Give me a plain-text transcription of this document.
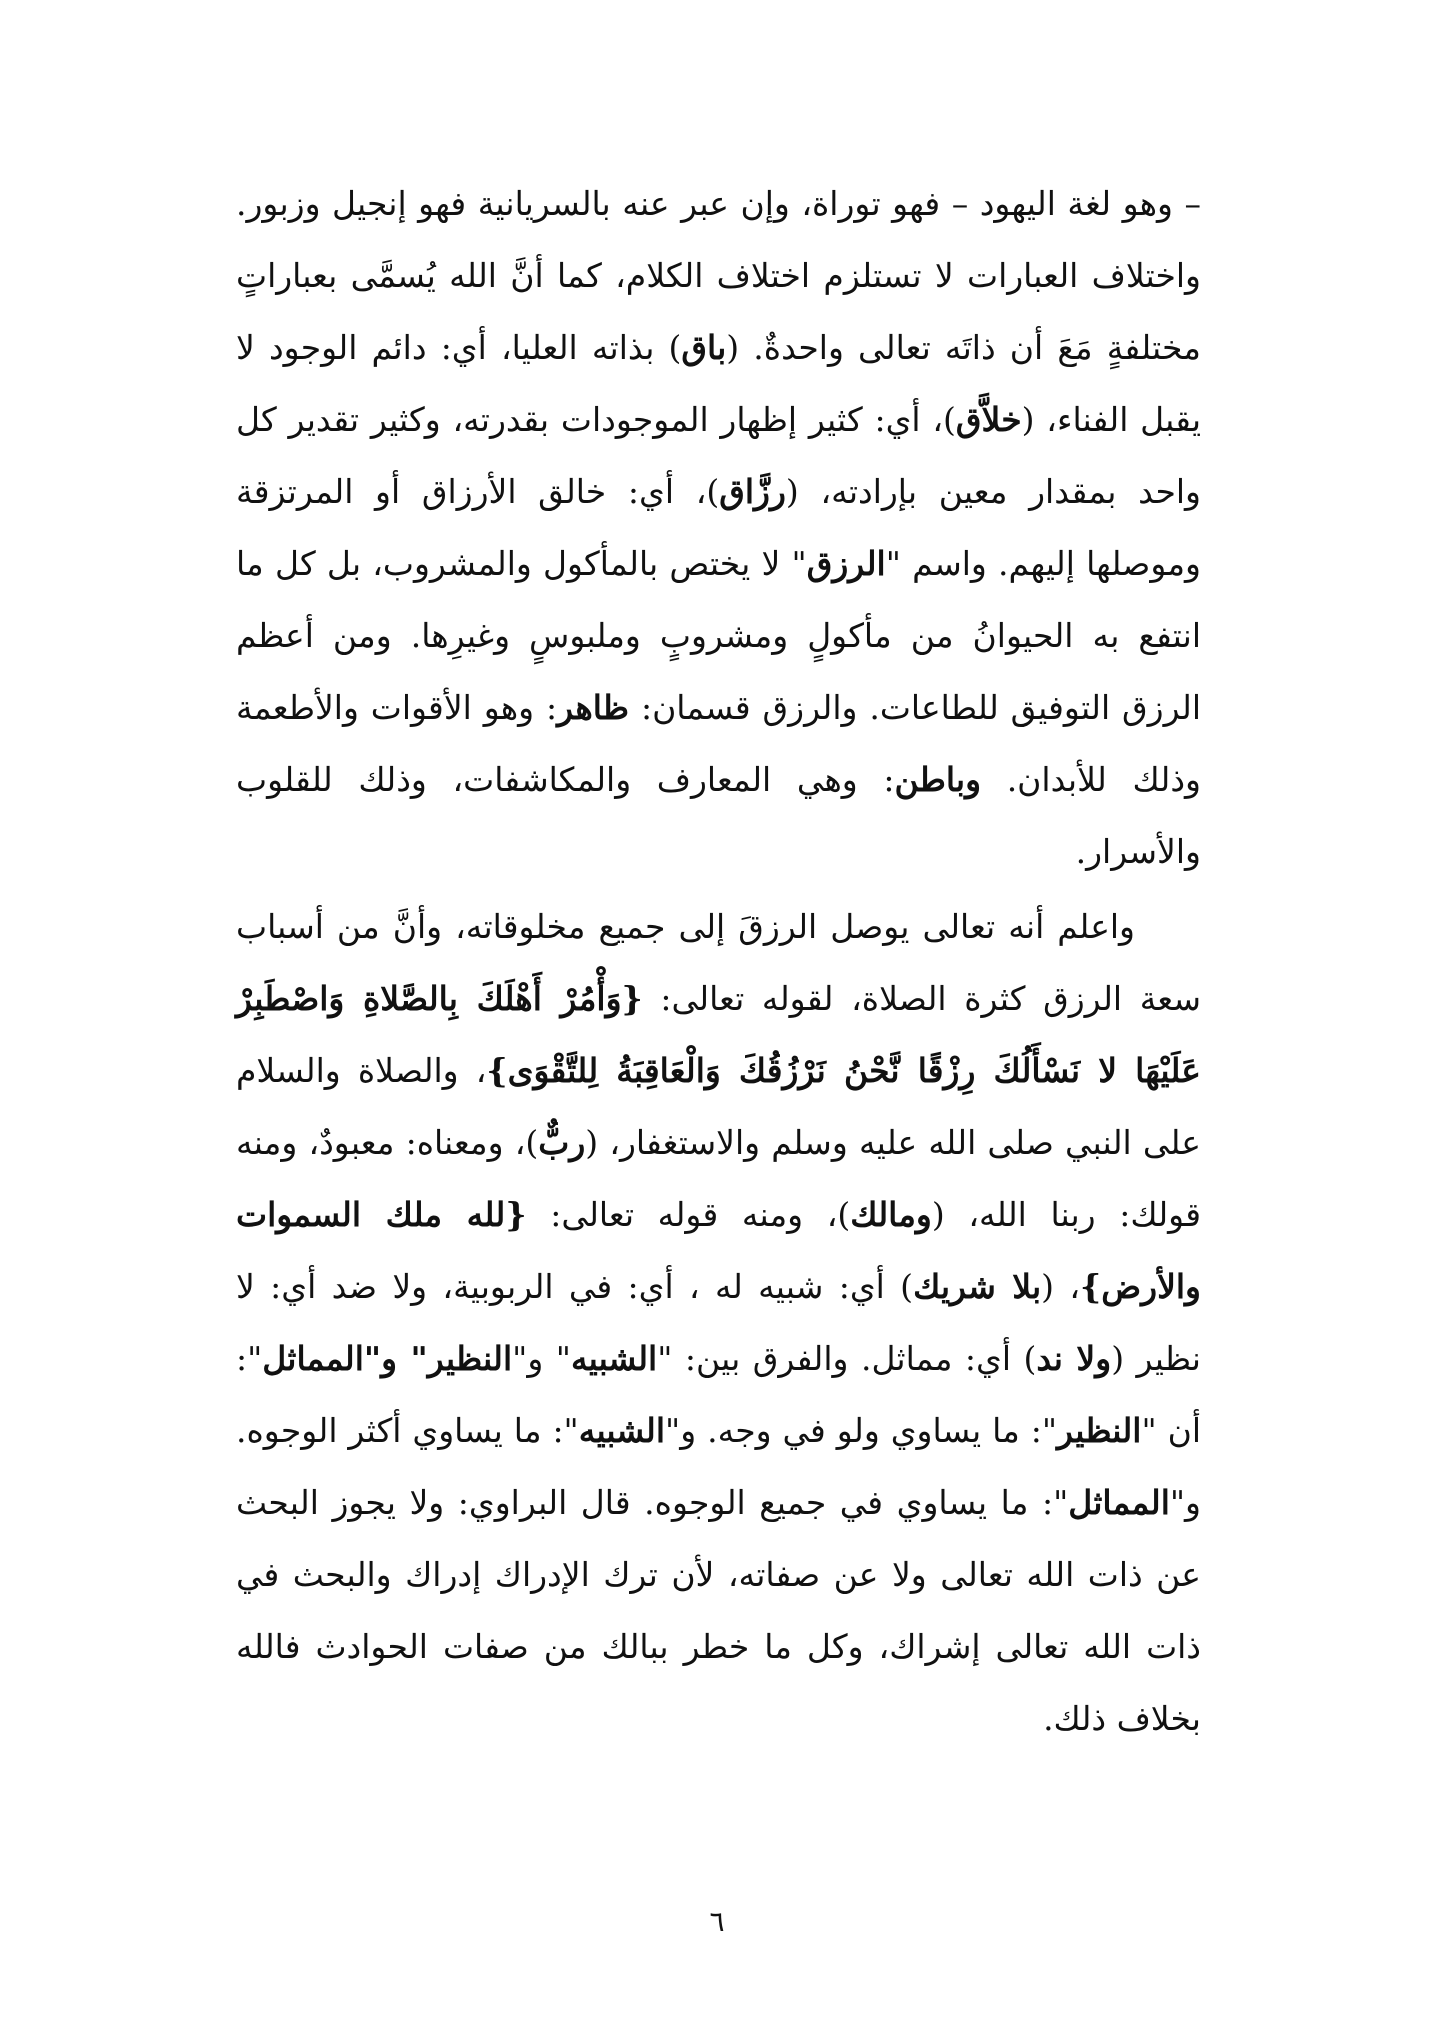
– وهو لغة اليهود – فهو توراة، وإن عبر عنه بالسريانية فهو إنجيل وزبور. واختلاف العبارات لا تستلزم اختلاف الكلام، كما أنَّ الله يُسمَّى بعباراتٍ مختلفةٍ مَعَ أن ذاتَه تعالى واحدةٌ. (باق) بذاته العليا، أي: دائم الوجود لا يقبل الفناء، (خلاَّق)، أي: كثير إظهار الموجودات بقدرته، وكثير تقدير كل واحد بمقدار معين بإرادته، (رزَّاق)، أي: خالق الأرزاق أو المرتزقة وموصلها إليهم. واسم "الرزق" لا يختص بالمأكول والمشروب، بل كل ما انتفع به الحيوانُ من مأكولٍ ومشروبٍ وملبوسٍ وغيرِها. ومن أعظم الرزق التوفيق للطاعات. والرزق قسمان: ظاهر: وهو الأقوات والأطعمة وذلك للأبدان. وباطن: وهي المعارف والمكاشفات، وذلك للقلوب والأسرار.

واعلم أنه تعالى يوصل الرزقَ إلى جميع مخلوقاته، وأنَّ من أسباب سعة الرزق كثرة الصلاة، لقوله تعالى: {وَأْمُرْ أَهْلَكَ بِالصَّلاةِ وَاصْطَبِرْ عَلَيْهَا لا نَسْأَلُكَ رِزْقًا نَّحْنُ نَرْزُقُكَ وَالْعَاقِبَةُ لِلتَّقْوَى}، والصلاة والسلام على النبي صلى الله عليه وسلم والاستغفار، (ربٌّ)، ومعناه: معبودٌ، ومنه قولك: ربنا الله، (ومالك)، ومنه قوله تعالى: {لله ملك السموات والأرض}، (بلا شريك) أي: شبيه له ، أي: في الربوبية، ولا ضد أي: لا نظير (ولا ند) أي: مماثل. والفرق بين: "الشبيه" و"النظير" و"المماثل": أن "النظير": ما يساوي ولو في وجه. و"الشبيه": ما يساوي أكثر الوجوه. و"المماثل": ما يساوي في جميع الوجوه. قال البراوي: ولا يجوز البحث عن ذات الله تعالى ولا عن صفاته، لأن ترك الإدراك إدراك والبحث في ذات الله تعالى إشراك، وكل ما خطر ببالك من صفات الحوادث فالله بخلاف ذلك.

٦
